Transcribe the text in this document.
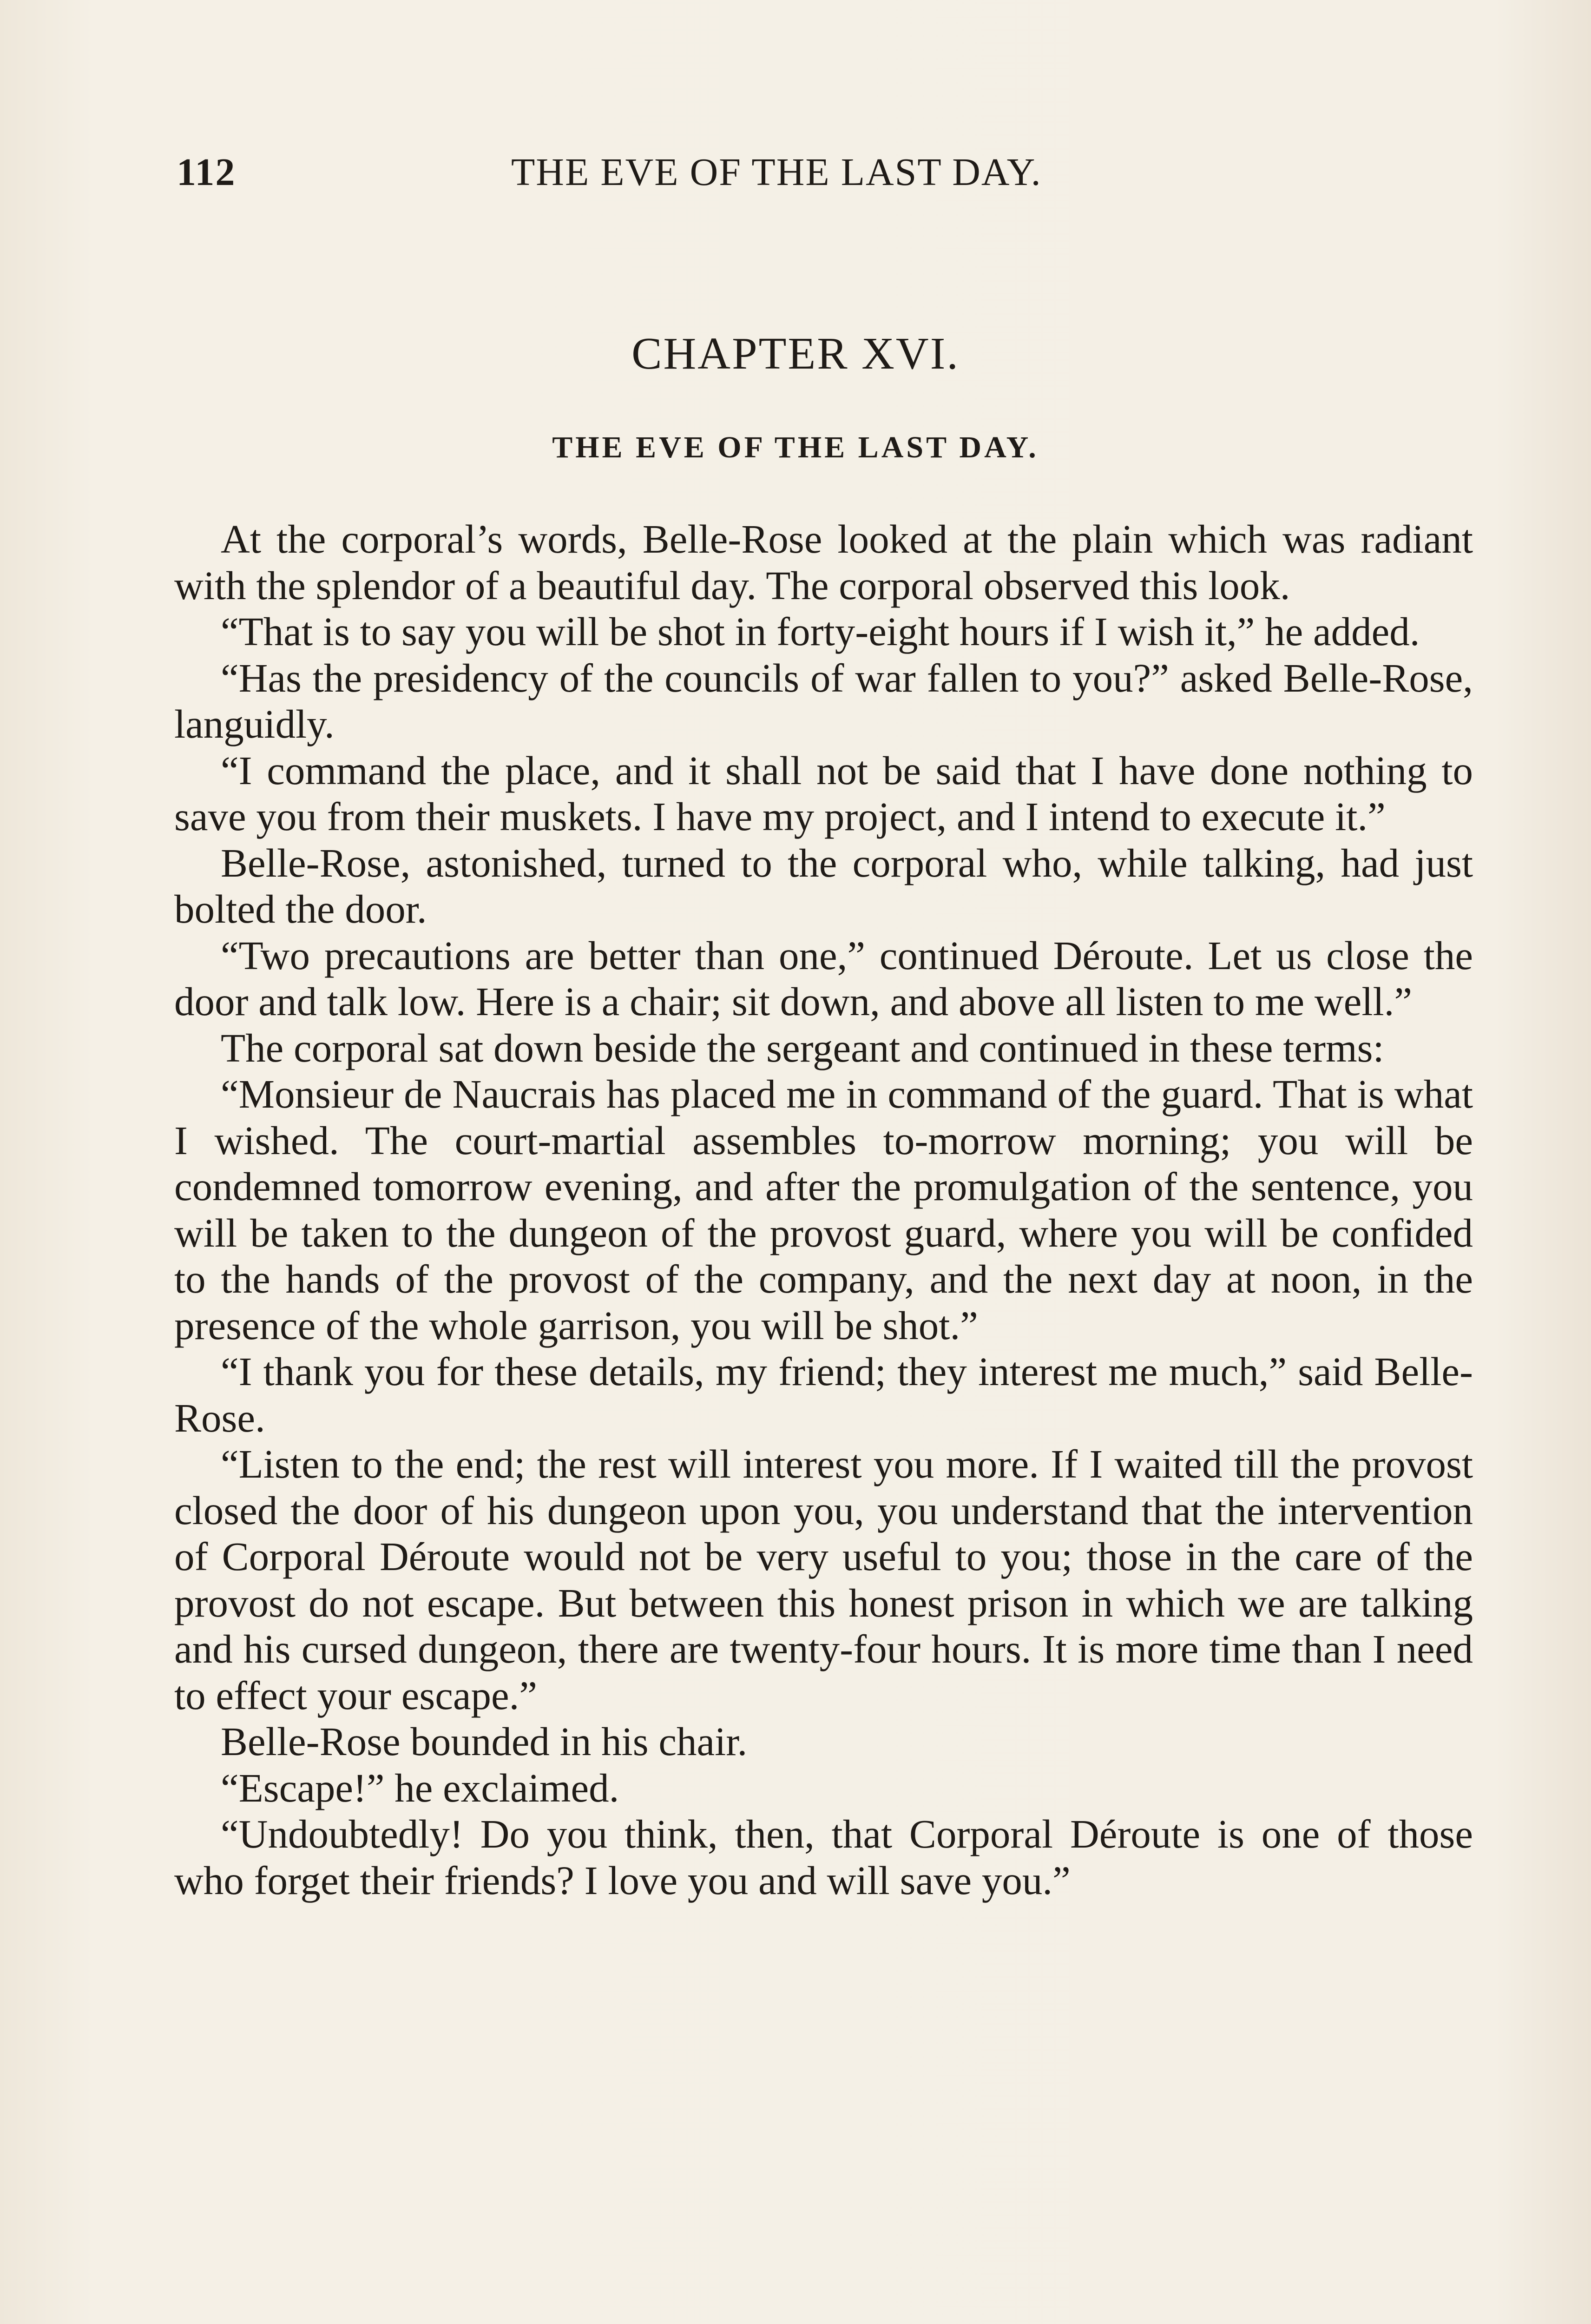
112	THE EVE OF THE LAST DAY.
CHAPTER XVI.
THE EVE OF THE LAST DAY.

At the corporal’s words, Belle-Rose looked at the plain which was radiant with the splendor of a beautiful day. The corporal observed this look.

“That is to say you will be shot in forty-eight hours if I wish it,” he added.

“Has the presidency of the councils of war fallen to you?” asked Belle-Rose, languidly.

“I command the place, and it shall not be said that I have done nothing to save you from their muskets. I have my project, and I intend to execute it.”

Belle-Rose, astonished, turned to the corporal who, while talking, had just bolted the door.

“Two precautions are better than one,” continued Déroute. Let us close the door and talk low. Here is a chair; sit down, and above all listen to me well.”

The corporal sat down beside the sergeant and continued in these terms:

“Monsieur de Naucrais has placed me in command of the guard. That is what I wished. The court-martial assembles to-morrow morning; you will be condemned tomorrow evening, and after the promulgation of the sentence, you will be taken to the dungeon of the provost guard, where you will be confided to the hands of the provost of the company, and the next day at noon, in the presence of the whole garrison, you will be shot.”

“I thank you for these details, my friend; they interest me much,” said Belle-Rose.

“Listen to the end; the rest will interest you more. If I waited till the provost closed the door of his dungeon upon you, you understand that the intervention of Corporal Déroute would not be very useful to you; those in the care of the provost do not escape. But between this honest prison in which we are talking and his cursed dungeon, there are twenty-four hours. It is more time than I need to effect your escape.”

Belle-Rose bounded in his chair.

“Escape!” he exclaimed.

“Undoubtedly! Do you think, then, that Corporal Déroute is one of those who forget their friends? I love you and will save you.”
